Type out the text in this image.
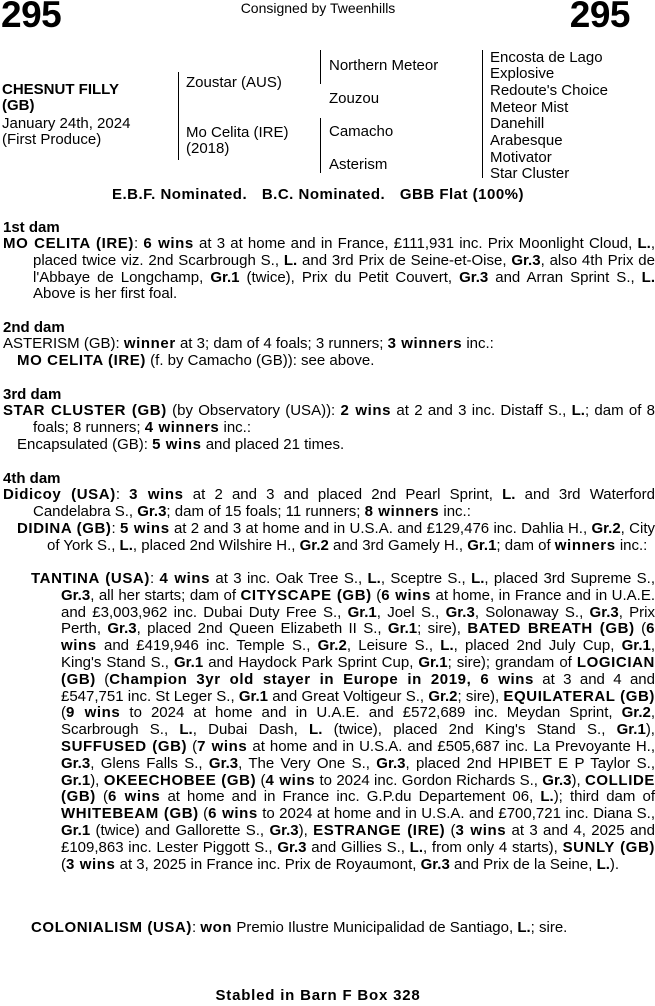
295	Consigned by Tweenhills	295
CHESNUT FILLY
(GB)
January 24th, 2024
(First Produce)
Zoustar (AUS)
Mo Celita (IRE)
(2018)
Northern Meteor
Zouzou
Camacho
Asterism
Encosta de Lago
Explosive
Redoute's Choice
Meteor Mist
Danehill
Arabesque
Motivator
Star Cluster
E.B.F. Nominated. B.C. Nominated. GBB Flat (100%)
1st dam
MO CELITA (IRE): 6 wins at 3 at home and in France, £111,931 inc. Prix Moonlight Cloud, L., placed twice viz. 2nd Scarbrough S., L. and 3rd Prix de Seine-et-Oise, Gr.3, also 4th Prix de l'Abbaye de Longchamp, Gr.1 (twice), Prix du Petit Couvert, Gr.3 and Arran Sprint S., L. Above is her first foal.
2nd dam
ASTERISM (GB): winner at 3; dam of 4 foals; 3 runners; 3 winners inc.:
MO CELITA (IRE) (f. by Camacho (GB)): see above.
3rd dam
STAR CLUSTER (GB) (by Observatory (USA)): 2 wins at 2 and 3 inc. Distaff S., L.; dam of 8 foals; 8 runners; 4 winners inc.:
Encapsulated (GB): 5 wins and placed 21 times.
4th dam
Didicoy (USA): 3 wins at 2 and 3 and placed 2nd Pearl Sprint, L. and 3rd Waterford Candelabra S., Gr.3; dam of 15 foals; 11 runners; 8 winners inc.:
DIDINA (GB): 5 wins at 2 and 3 at home and in U.S.A. and £129,476 inc. Dahlia H., Gr.2, City of York S., L., placed 2nd Wilshire H., Gr.2 and 3rd Gamely H., Gr.1; dam of winners inc.:
TANTINA (USA): 4 wins at 3 inc. Oak Tree S., L., Sceptre S., L., placed 3rd Supreme S., Gr.3, all her starts; dam of CITYSCAPE (GB) (6 wins at home, in France and in U.A.E. and £3,003,962 inc. Dubai Duty Free S., Gr.1, Joel S., Gr.3, Solonaway S., Gr.3, Prix Perth, Gr.3, placed 2nd Queen Elizabeth II S., Gr.1; sire), BATED BREATH (GB) (6 wins and £419,946 inc. Temple S., Gr.2, Leisure S., L., placed 2nd July Cup, Gr.1, King's Stand S., Gr.1 and Haydock Park Sprint Cup, Gr.1; sire); grandam of LOGICIAN (GB) (Champion 3yr old stayer in Europe in 2019, 6 wins at 3 and 4 and £547,751 inc. St Leger S., Gr.1 and Great Voltigeur S., Gr.2; sire), EQUILATERAL (GB) (9 wins to 2024 at home and in U.A.E. and £572,689 inc. Meydan Sprint, Gr.2, Scarbrough S., L., Dubai Dash, L. (twice), placed 2nd King's Stand S., Gr.1), SUFFUSED (GB) (7 wins at home and in U.S.A. and £505,687 inc. La Prevoyante H., Gr.3, Glens Falls S., Gr.3, The Very One S., Gr.3, placed 2nd HPIBET E P Taylor S., Gr.1), OKEECHOBEE (GB) (4 wins to 2024 inc. Gordon Richards S., Gr.3), COLLIDE (GB) (6 wins at home and in France inc. G.P.du Departement 06, L.); third dam of WHITEBEAM (GB) (6 wins to 2024 at home and in U.S.A. and £700,721 inc. Diana S., Gr.1 (twice) and Gallorette S., Gr.3), ESTRANGE (IRE) (3 wins at 3 and 4, 2025 and £109,863 inc. Lester Piggott S., Gr.3 and Gillies S., L., from only 4 starts), SUNLY (GB) (3 wins at 3, 2025 in France inc. Prix de Royaumont, Gr.3 and Prix de la Seine, L.).
COLONIALISM (USA): won Premio Ilustre Municipalidad de Santiago, L.; sire.
Stabled in Barn F Box 328
